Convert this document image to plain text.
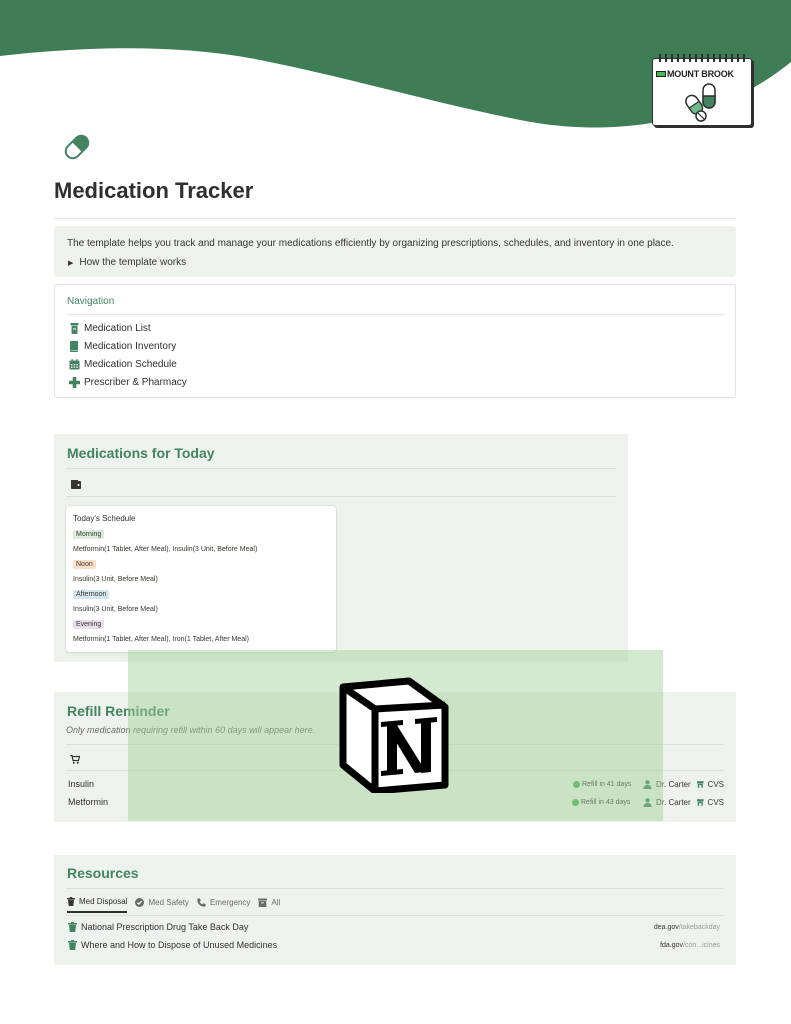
MOUNT BROOK
Medication Tracker
The template helps you track and manage your medications efficiently by organizing prescriptions, schedules, and inventory in one place.
▶ How the template works
Navigation
Medication List
Medication Inventory
Medication Schedule
Prescriber & Pharmacy
Medications for Today
Today's Schedule
Morning
Metformin(1 Tablet, After Meal), Insulin(3 Unit, Before Meal)
Noon
Insulin(3 Unit, Before Meal)
Afternoon
Insulin(3 Unit, Before Meal)
Evening
Metformin(1 Tablet, After Meal), Iron(1 Tablet, After Meal)
Refill Reminder
Only medication requiring refill within 60 days will appear here.
Insulin	Refill in 41 days	Dr. Carter CVS
Metformin	Refill in 43 days	Dr. Carter CVS
Resources
Med Disposal	Med Safety	Emergency	All
National Prescription Drug Take Back Day	dea.gov/takebackday
Where and How to Dispose of Unused Medicines	fda.gov/con...icines
